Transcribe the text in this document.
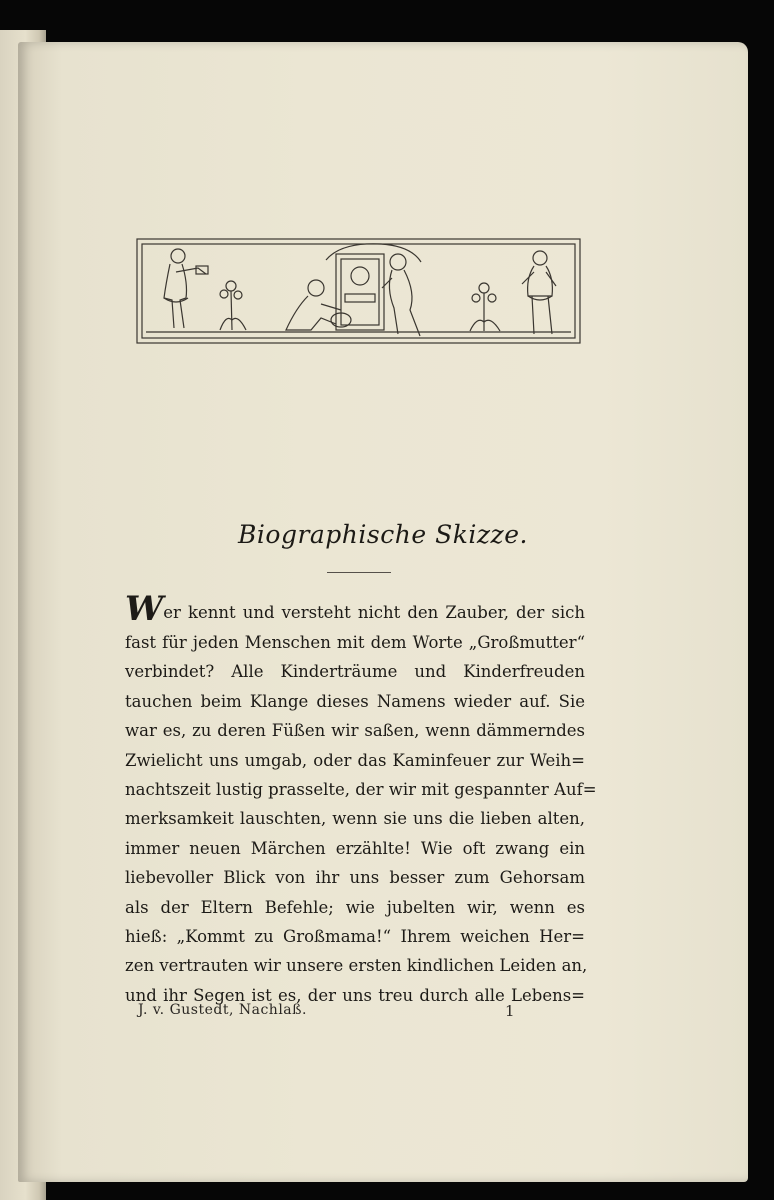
Biographische Skizze.
Wer kennt und versteht nicht den Zauber, der sich
fast für jeden Menschen mit dem Worte „Großmutter“
verbindet? Alle Kinderträume und Kinderfreuden
tauchen beim Klange dieses Namens wieder auf. Sie
war es, zu deren Füßen wir saßen, wenn dämmerndes
Zwielicht uns umgab, oder das Kaminfeuer zur Weih=
nachtszeit lustig prasselte, der wir mit gespannter Auf=
merksamkeit lauschten, wenn sie uns die lieben alten,
immer neuen Märchen erzählte! Wie oft zwang ein
liebevoller Blick von ihr uns besser zum Gehorsam
als der Eltern Befehle; wie jubelten wir, wenn es
hieß: „Kommt zu Großmama!“ Ihrem weichen Her=
zen vertrauten wir unsere ersten kindlichen Leiden an,
und ihr Segen ist es, der uns treu durch alle Lebens=
J. v. Gustedt, Nachlaß.	1
